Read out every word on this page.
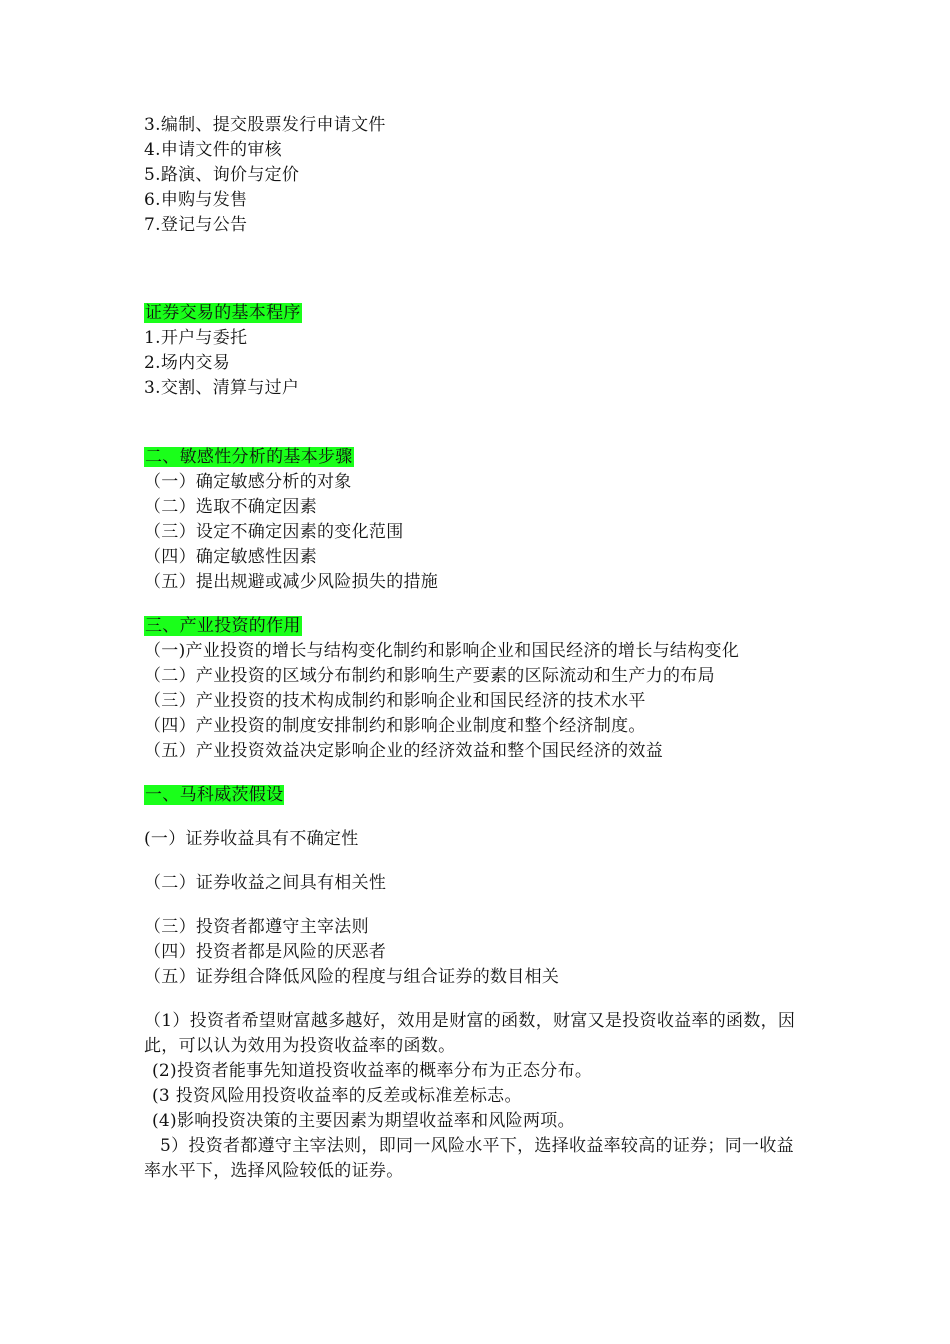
3.编制、提交股票发行申请文件
4.申请文件的审核
5.路演、询价与定价
6.申购与发售
7.登记与公告
证券交易的基本程序
1.开户与委托
2.场内交易
3.交割、清算与过户
二、敏感性分析的基本步骤
（一）确定敏感分析的对象
（二）选取不确定因素
（三）设定不确定因素的变化范围
（四）确定敏感性因素
（五）提出规避或减少风险损失的措施
三、产业投资的作用
（一)产业投资的增长与结构变化制约和影响企业和国民经济的增长与结构变化
（二）产业投资的区域分布制约和影响生产要素的区际流动和生产力的布局
（三）产业投资的技术构成制约和影响企业和国民经济的技术水平
（四）产业投资的制度安排制约和影响企业制度和整个经济制度。
（五）产业投资效益决定影响企业的经济效益和整个国民经济的效益
一、马科威茨假设
(一）证券收益具有不确定性
（二）证券收益之间具有相关性
（三）投资者都遵守主宰法则
（四）投资者都是风险的厌恶者
（五）证券组合降低风险的程度与组合证券的数目相关
（1）投资者希望财富越多越好，效用是财富的函数，财富又是投资收益率的函数，因此，可以认为效用为投资收益率的函数。
(2)投资者能事先知道投资收益率的概率分布为正态分布。
(3 投资风险用投资收益率的反差或标准差标志。
(4)影响投资决策的主要因素为期望收益率和风险两项。
5）投资者都遵守主宰法则，即同一风险水平下，选择收益率较高的证券；同一收益率水平下，选择风险较低的证券。
